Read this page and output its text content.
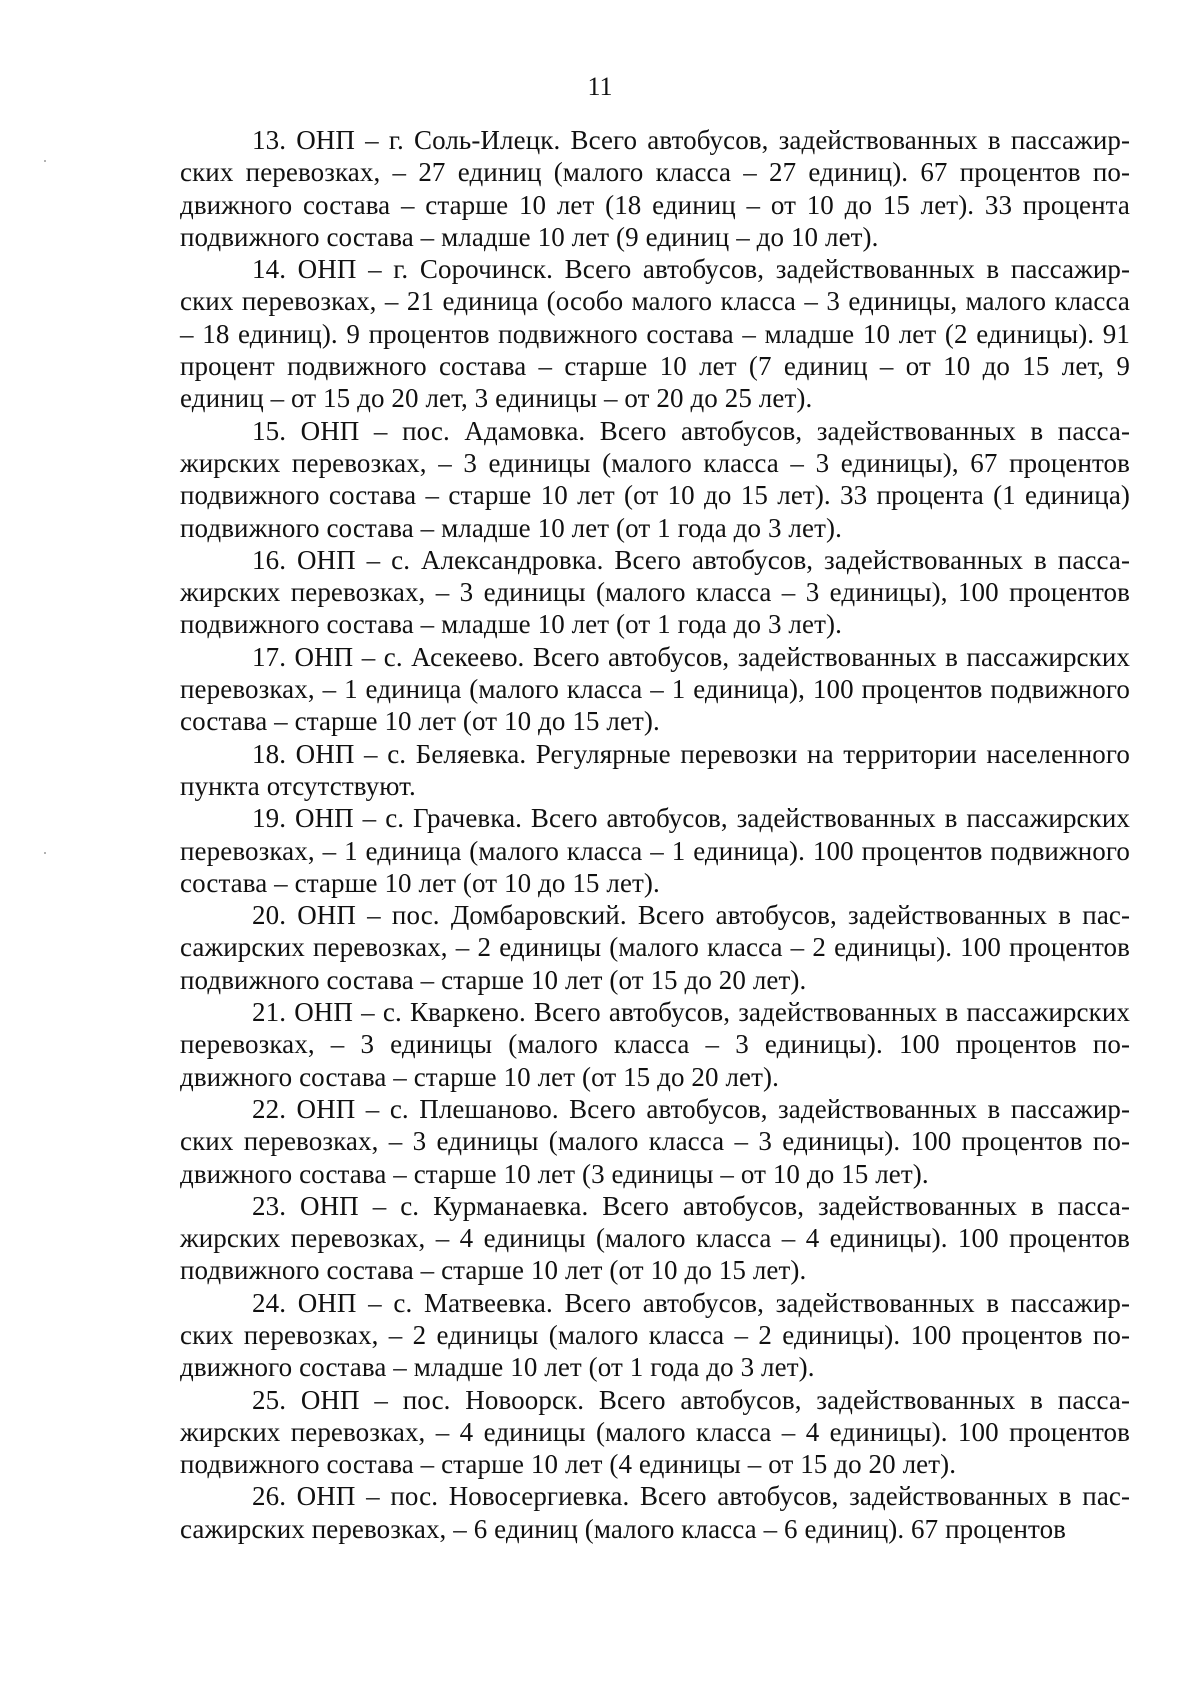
11

13. ОНП – г. Соль-Илецк. Всего автобусов, задействованных в пассажирских перевозках, – 27 единиц (малого класса – 27 единиц). 67 процентов подвижного состава – старше 10 лет (18 единиц – от 10 до 15 лет). 33 процента подвижного состава – младше 10 лет (9 единиц – до 10 лет).

14. ОНП – г. Сорочинск. Всего автобусов, задействованных в пассажирских перевозках, – 21 единица (особо малого класса – 3 единицы, малого класса – 18 единиц). 9 процентов подвижного состава – младше 10 лет (2 единицы). 91 процент подвижного состава – старше 10 лет (7 единиц – от 10 до 15 лет, 9 единиц – от 15 до 20 лет, 3 единицы – от 20 до 25 лет).

15. ОНП – пос. Адамовка. Всего автобусов, задействованных в пассажирских перевозках, – 3 единицы (малого класса – 3 единицы), 67 процентов подвижного состава – старше 10 лет (от 10 до 15 лет). 33 процента (1 единица) подвижного состава – младше 10 лет (от 1 года до 3 лет).

16. ОНП – с. Александровка. Всего автобусов, задействованных в пассажирских перевозках, – 3 единицы (малого класса – 3 единицы), 100 процентов подвижного состава – младше 10 лет (от 1 года до 3 лет).

17. ОНП – с. Асекеево. Всего автобусов, задействованных в пассажирских перевозках, – 1 единица (малого класса – 1 единица), 100 процентов подвижного состава – старше 10 лет (от 10 до 15 лет).

18. ОНП – с. Беляевка. Регулярные перевозки на территории населенного пункта отсутствуют.

19. ОНП – с. Грачевка. Всего автобусов, задействованных в пассажирских перевозках, – 1 единица (малого класса – 1 единица). 100 процентов подвижного состава – старше 10 лет (от 10 до 15 лет).

20. ОНП – пос. Домбаровский. Всего автобусов, задействованных в пассажирских перевозках, – 2 единицы (малого класса – 2 единицы). 100 процентов подвижного состава – старше 10 лет (от 15 до 20 лет).

21. ОНП – с. Кваркено. Всего автобусов, задействованных в пассажирских перевозках, – 3 единицы (малого класса – 3 единицы). 100 процентов подвижного состава – старше 10 лет (от 15 до 20 лет).

22. ОНП – с. Плешаново. Всего автобусов, задействованных в пассажирских перевозках, – 3 единицы (малого класса – 3 единицы). 100 процентов подвижного состава – старше 10 лет (3 единицы – от 10 до 15 лет).

23. ОНП – с. Курманаевка. Всего автобусов, задействованных в пассажирских перевозках, – 4 единицы (малого класса – 4 единицы). 100 процентов подвижного состава – старше 10 лет (от 10 до 15 лет).

24. ОНП – с. Матвеевка. Всего автобусов, задействованных в пассажирских перевозках, – 2 единицы (малого класса – 2 единицы). 100 процентов подвижного состава – младше 10 лет (от 1 года до 3 лет).

25. ОНП – пос. Новоорск. Всего автобусов, задействованных в пассажирских перевозках, – 4 единицы (малого класса – 4 единицы). 100 процентов подвижного состава – старше 10 лет (4 единицы – от 15 до 20 лет).

26. ОНП – пос. Новосергиевка. Всего автобусов, задействованных в пассажирских перевозках, – 6 единиц (малого класса – 6 единиц). 67 процентов
